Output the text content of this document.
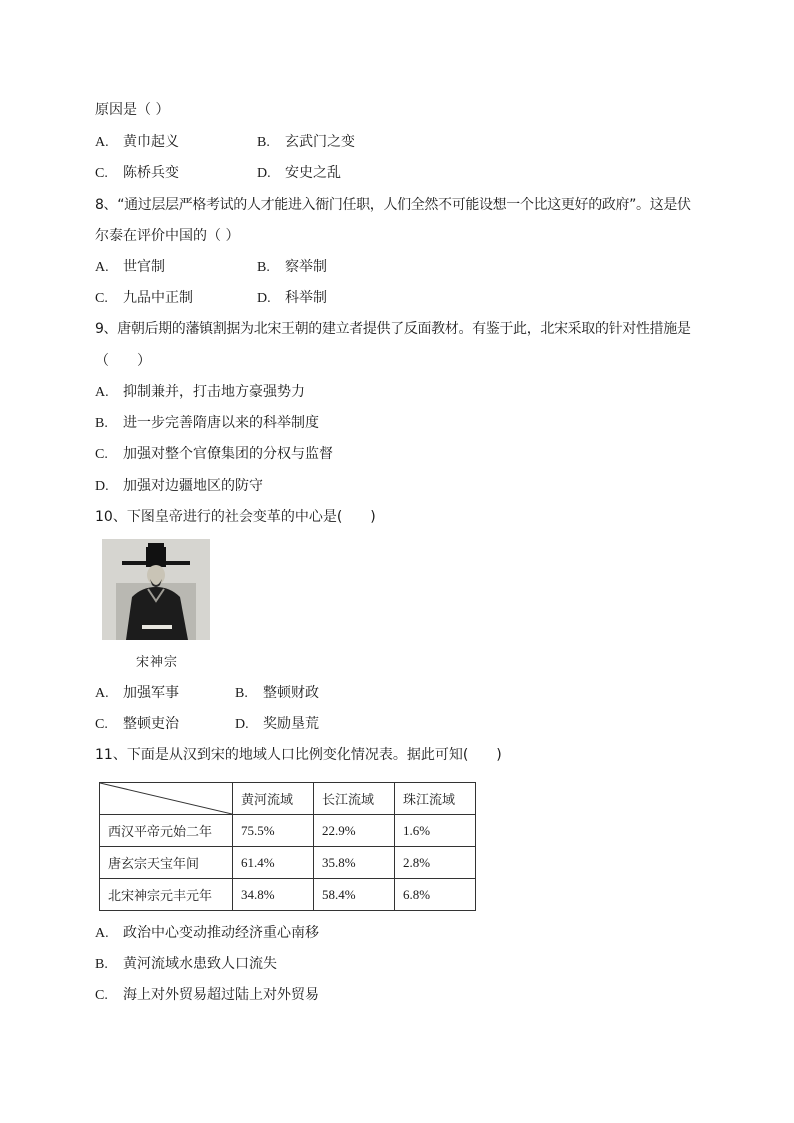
原因是（ ）
A. 黄巾起义	B. 玄武门之变
C. 陈桥兵变	D. 安史之乱
8、“通过层层严格考试的人才能进入衙门任职，人们全然不可能设想一个比这更好的政府”。这是伏
尔泰在评价中国的（ ）
A. 世官制	B. 察举制
C. 九品中正制	D. 科举制
9、唐朝后期的藩镇割据为北宋王朝的建立者提供了反面教材。有鉴于此，北宋采取的针对性措施是
（　　）
A. 抑制兼并，打击地方豪强势力
B. 进一步完善隋唐以来的科举制度
C. 加强对整个官僚集团的分权与监督
D. 加强对边疆地区的防守
10、下图皇帝进行的社会变革的中心是(　　)
宋神宗
A. 加强军事	B. 整顿财政
C. 整顿吏治	D. 奖励垦荒
11、下面是从汉到宋的地域人口比例变化情况表。据此可知(　　)
	黄河流域	长江流域	珠江流域
西汉平帝元始二年	75.5%	22.9%	1.6%
唐玄宗天宝年间	61.4%	35.8%	2.8%
北宋神宗元丰元年	34.8%	58.4%	6.8%
A. 政治中心变动推动经济重心南移
B. 黄河流域水患致人口流失
C. 海上对外贸易超过陆上对外贸易
